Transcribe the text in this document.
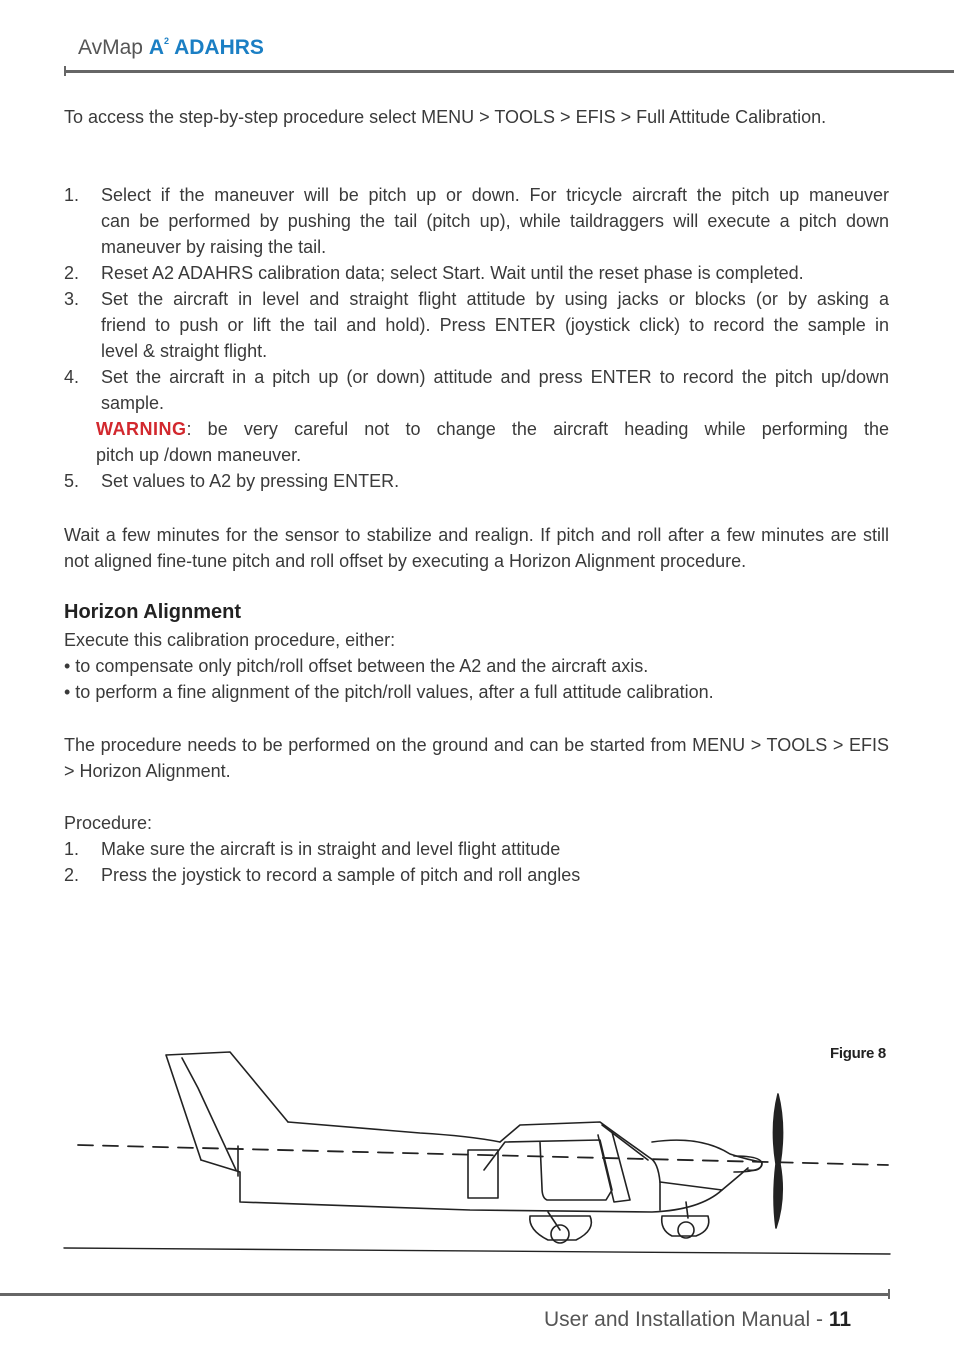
AvMap $A^2$ ADAHRS
To access the step-by-step procedure select MENU > TOOLS > EFIS > Full Attitude Calibration.
1. Select if the maneuver will be pitch up or down. For tricycle aircraft the pitch up maneuver
can be performed by pushing the tail (pitch up), while taildraggers will execute a pitch down
maneuver by raising the tail.
2. Reset A2 ADAHRS calibration data; select Start. Wait until the reset phase is completed.
3. Set the aircraft in level and straight flight attitude by using jacks or blocks (or by asking a
friend to push or lift the tail and hold). Press ENTER (joystick click) to record the sample in
level & straight flight.
4. Set the aircraft in a pitch up (or down) attitude and press ENTER to record the pitch up/down
sample.
WARNING: be very careful not to change the aircraft heading while performing the
pitch up /down maneuver.
5. Set values to A2 by pressing ENTER.
Wait a few minutes for the sensor to stabilize and realign. If pitch and roll after a few minutes are still not aligned fine-tune pitch and roll offset by executing a Horizon Alignment procedure.
Horizon Alignment
Execute this calibration procedure, either:
• to compensate only pitch/roll offset between the A2 and the aircraft axis.
• to perform a fine alignment of the pitch/roll values, after a full attitude calibration.
The procedure needs to be performed on the ground and can be started from MENU > TOOLS > EFIS > Horizon Alignment.
Procedure:
1. Make sure the aircraft is in straight and level flight attitude
2. Press the joystick to record a sample of pitch and roll angles
Figure 8
User and Installation Manual - 11
